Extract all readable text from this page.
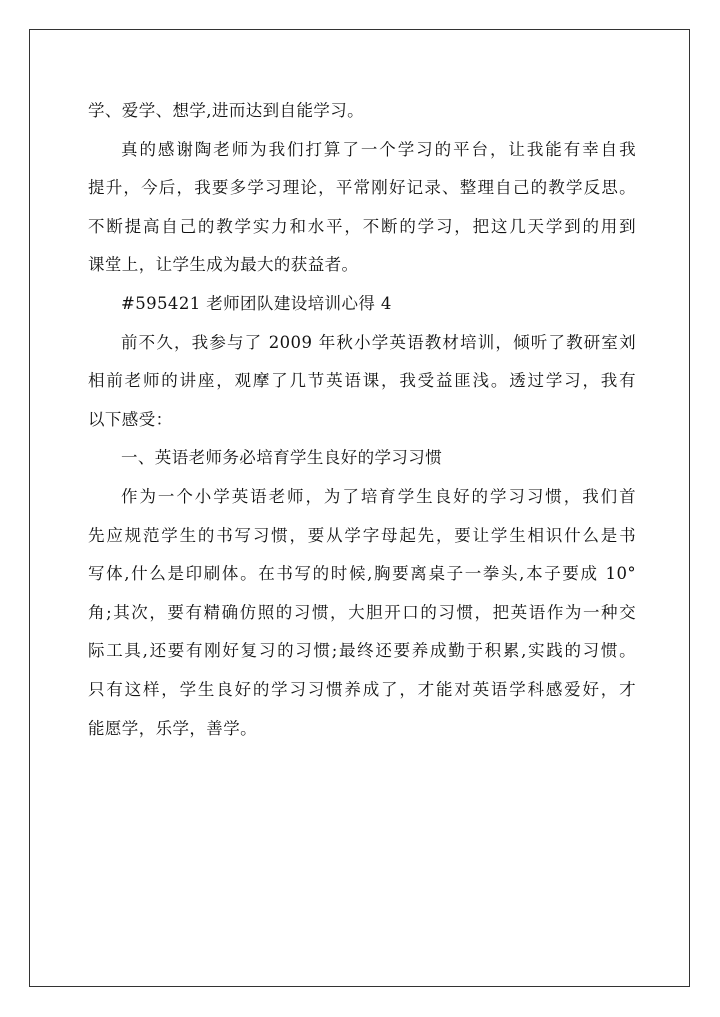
学、爱学、想学,进而达到自能学习。
真的感谢陶老师为我们打算了一个学习的平台，让我能有幸自我
提升，今后，我要多学习理论，平常刚好记录、整理自己的教学反思。
不断提高自己的教学实力和水平，不断的学习，把这几天学到的用到
课堂上，让学生成为最大的获益者。
#595421 老师团队建设培训心得 4
前不久，我参与了 2009 年秋小学英语教材培训，倾听了教研室刘
相前老师的讲座，观摩了几节英语课，我受益匪浅。透过学习，我有
以下感受：
一、英语老师务必培育学生良好的学习习惯
作为一个小学英语老师，为了培育学生良好的学习习惯，我们首
先应规范学生的书写习惯，要从学字母起先，要让学生相识什么是书
写体,什么是印刷体。在书写的时候,胸要离桌子一拳头,本子要成 10°
角;其次，要有精确仿照的习惯，大胆开口的习惯，把英语作为一种交
际工具,还要有刚好复习的习惯;最终还要养成勤于积累,实践的习惯。
只有这样，学生良好的学习习惯养成了，才能对英语学科感爱好，才
能愿学，乐学，善学。
